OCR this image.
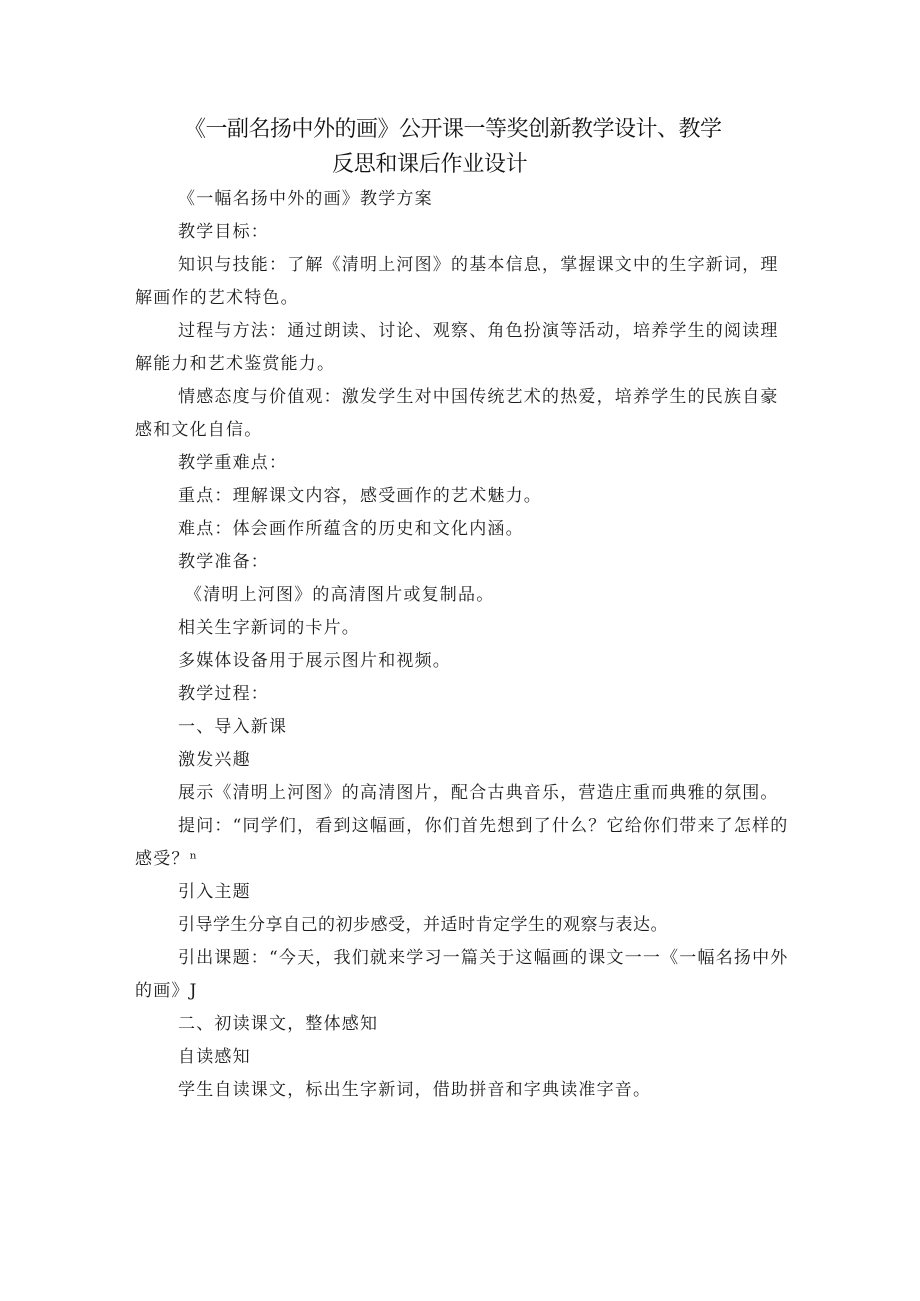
《一副名扬中外的画》公开课一等奖创新教学设计、教学
反思和课后作业设计

《一幅名扬中外的画》教学方案

教学目标：

知识与技能：了解《清明上河图》的基本信息，掌握课文中的生字新词，理解画作的艺术特色。

过程与方法：通过朗读、讨论、观察、角色扮演等活动，培养学生的阅读理解能力和艺术鉴赏能力。

情感态度与价值观：激发学生对中国传统艺术的热爱，培养学生的民族自豪感和文化自信。

教学重难点：

重点：理解课文内容，感受画作的艺术魅力。

难点：体会画作所蕴含的历史和文化内涵。

教学准备：

《清明上河图》的高清图片或复制品。

相关生字新词的卡片。

多媒体设备用于展示图片和视频。

教学过程：

一、导入新课

激发兴趣

展示《清明上河图》的高清图片，配合古典音乐，营造庄重而典雅的氛围。

提问：“同学们，看到这幅画，你们首先想到了什么？它给你们带来了怎样的感受？ⁿ

引入主题

引导学生分享自己的初步感受，并适时肯定学生的观察与表达。

引出课题：“今天，我们就来学习一篇关于这幅画的课文一一《一幅名扬中外的画》J

二、初读课文，整体感知

自读感知

学生自读课文，标出生字新词，借助拼音和字典读准字音。
